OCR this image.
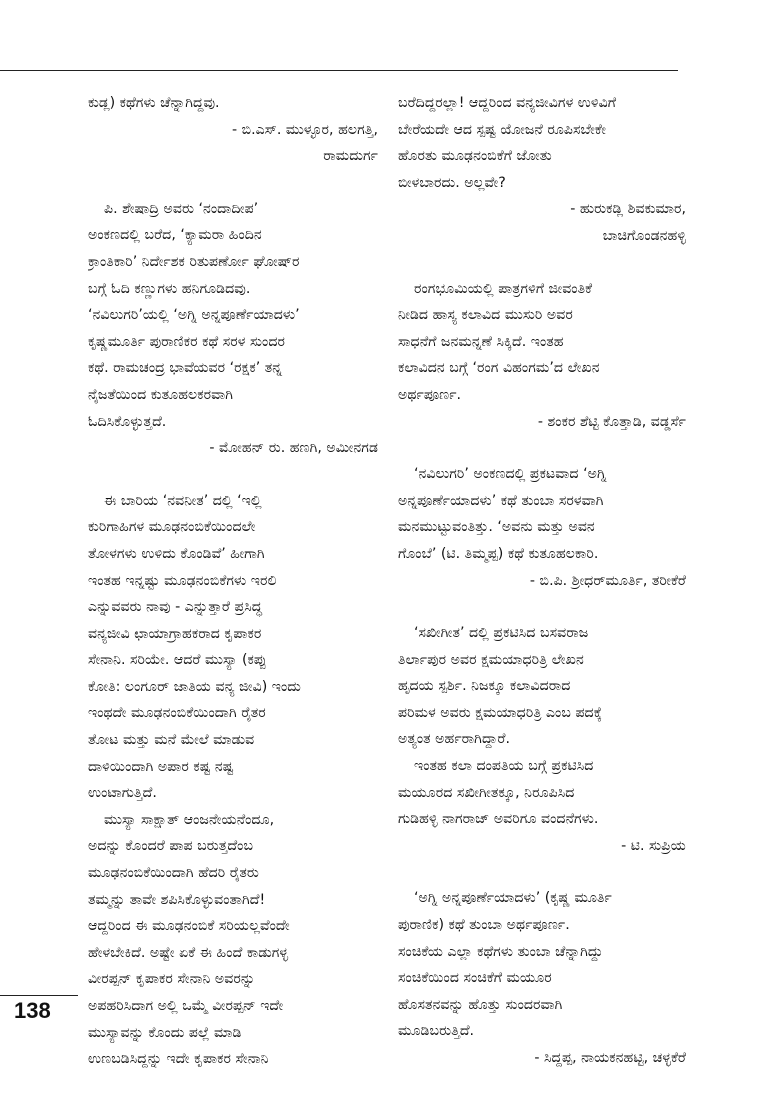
ಕುಡ್ಲ) ಕಥೆಗಳು ಚೆನ್ನಾಗಿದ್ದವು.
- ಬಿ.ಎಸ್. ಮುಳ್ಳೂರ, ಹಲಗತ್ತಿ,
ರಾಮದುರ್ಗ
ಪಿ. ಶೇಷಾದ್ರಿ ಅವರು ‘ನಂದಾದೀಪ’
ಅಂಕಣದಲ್ಲಿ ಬರೆದ, ‘ಕ್ಯಾಮರಾ ಹಿಂದಿನ
ಕ್ರಾಂತಿಕಾರಿ’ ನಿರ್ದೇಶಕ ರಿತುಪರ್ಣೋ ಘೋಷ್‌ರ
ಬಗ್ಗೆ ಓದಿ ಕಣ್ಣುಗಳು ಹನಿಗೂಡಿದವು.
‘ನವಿಲುಗರಿ’ಯಲ್ಲಿ ‘ಅಗ್ನಿ ಅನ್ನಪೂರ್ಣೆಯಾದಳು’
ಕೃಷ್ಣಮೂರ್ತಿ ಪುರಾಣಿಕರ ಕಥೆ ಸರಳ ಸುಂದರ
ಕಥೆ. ರಾಮಚಂದ್ರ ಭಾವೆಯವರ ‘ರಕ್ಷಕ’ ತನ್ನ
ನೈಜತೆಯಿಂದ ಕುತೂಹಲಕರವಾಗಿ
ಓದಿಸಿಕೊಳ್ಳುತ್ತದೆ.
- ಮೋಹನ್ ರು. ಹಣಗಿ, ಅಮೀನಗಡ
ಈ ಬಾರಿಯ ‘ನವನೀತ’ ದಲ್ಲಿ ‘ಇಲ್ಲಿ
ಕುರಿಗಾಹಿಗಳ ಮೂಢನಂಬಿಕೆಯಿಂದಲೇ
ತೋಳಗಳು ಉಳಿದು ಕೊಂಡಿವೆ’ ಹೀಗಾಗಿ
ಇಂತಹ ಇನ್ನಷ್ಟು ಮೂಢನಂಬಿಕೆಗಳು ಇರಲಿ
ಎನ್ನುವವರು ನಾವು - ಎನ್ನುತ್ತಾರೆ ಪ್ರಸಿದ್ಧ
ವನ್ಯಜೀವಿ ಛಾಯಾಗ್ರಾಹಕರಾದ ಕೃಪಾಕರ
ಸೇನಾನಿ. ಸರಿಯೇ. ಆದರೆ ಮುಸ್ಯಾ (ಕಪ್ಪು
ಕೋತಿ: ಲಂಗೂರ್ ಜಾತಿಯ ವನ್ಯ ಜೀವಿ) ಇಂದು
ಇಂಥದೇ ಮೂಢನಂಬಿಕೆಯಿಂದಾಗಿ ರೈತರ
ತೋಟ ಮತ್ತು ಮನೆ ಮೇಲೆ ಮಾಡುವ
ದಾಳಿಯಿಂದಾಗಿ ಅಪಾರ ಕಷ್ಟ ನಷ್ಟ
ಉಂಟಾಗುತ್ತಿದೆ.
ಮುಸ್ಯಾ ಸಾಕ್ಷಾತ್ ಆಂಜನೇಯನೆಂದೂ,
ಅದನ್ನು ಕೊಂದರೆ ಪಾಪ ಬರುತ್ತದೆಂಬ
ಮೂಢನಂಬಿಕೆಯಿಂದಾಗಿ ಹೆದರಿ ರೈತರು
ತಮ್ಮನ್ನು ತಾವೇ ಶಪಿಸಿಕೊಳ್ಳುವಂತಾಗಿದೆ!
ಆದ್ದರಿಂದ ಈ ಮೂಢನಂಬಿಕೆ ಸರಿಯಲ್ಲವೆಂದೇ
ಹೇಳಬೇಕಿದೆ. ಅಷ್ಟೇ ಏಕೆ ಈ ಹಿಂದೆ ಕಾಡುಗಳ್ಳ
ವೀರಪ್ಪನ್ ಕೃಪಾಕರ ಸೇನಾನಿ ಅವರನ್ನು
ಅಪಹರಿಸಿದಾಗ ಅಲ್ಲಿ ಒಮ್ಮೆ ವೀರಪ್ಪನ್ ಇದೇ
ಮುಸ್ಯಾವನ್ನು ಕೊಂದು ಪಲ್ಲೆ ಮಾಡಿ
ಉಣಬಡಿಸಿದ್ದನ್ನು ಇದೇ ಕೃಪಾಕರ ಸೇನಾನಿ
ಬರೆದಿದ್ದರಲ್ಲಾ! ಆದ್ದರಿಂದ ವನ್ಯಜೀವಿಗಳ ಉಳಿವಿಗೆ
ಬೇರೆಯದೇ ಆದ ಸ್ಪಷ್ಟ ಯೋಜನೆ ರೂಪಿಸಬೇಕೇ
ಹೊರತು ಮೂಢನಂಬಿಕೆಗೆ ಜೋತು
ಬೀಳಬಾರದು. ಅಲ್ಲವೇ?
- ಹುರುಕಡ್ಲಿ ಶಿವಕುಮಾರ,
ಬಾಚಿಗೊಂಡನಹಳ್ಳಿ
ರಂಗಭೂಮಿಯಲ್ಲಿ ಪಾತ್ರಗಳಿಗೆ ಜೀವಂತಿಕೆ
ನೀಡಿದ ಹಾಸ್ಯ ಕಲಾವಿದ ಮುಸುರಿ ಅವರ
ಸಾಧನೆಗೆ ಜನಮನ್ನಣೆ ಸಿಕ್ಕಿದೆ. ಇಂತಹ
ಕಲಾವಿದನ ಬಗ್ಗೆ ‘ರಂಗ ವಿಹಂಗಮ’ದ ಲೇಖನ
ಅರ್ಥಪೂರ್ಣ.
- ಶಂಕರ ಶೆಟ್ಟಿ ಕೊತ್ತಾಡಿ, ವಡ್ಡರ್ಸೆ
‘ನವಿಲುಗರಿ’ ಅಂಕಣದಲ್ಲಿ ಪ್ರಕಟವಾದ ‘ಅಗ್ನಿ
ಅನ್ನಪೂರ್ಣೆಯಾದಳು’ ಕಥೆ ತುಂಬಾ ಸರಳವಾಗಿ
ಮನಮುಟ್ಟುವಂತಿತ್ತು. ‘ಅವನು ಮತ್ತು ಅವನ
ಗೊಂಬೆ’ (ಟಿ. ತಿಮ್ಮಪ್ಪ) ಕಥೆ ಕುತೂಹಲಕಾರಿ.
- ಬಿ.ಪಿ. ಶ್ರೀಧರ್‌ಮೂರ್ತಿ, ತರೀಕೆರೆ
‘ಸಖೀಗೀತ’ ದಲ್ಲಿ ಪ್ರಕಟಿಸಿದ ಬಸವರಾಜ
ತಿರ್ಲಾಪುರ ಅವರ ಕ್ಷಮಯಾಧರಿತ್ರಿ ಲೇಖನ
ಹೃದಯ ಸ್ಪರ್ಶಿ. ನಿಜಕ್ಕೂ ಕಲಾವಿದರಾದ
ಪರಿಮಳ ಅವರು ಕ್ಷಮಯಾಧರಿತ್ರಿ ಎಂಬ ಪದಕ್ಕೆ
ಅತ್ಯಂತ ಅರ್ಹರಾಗಿದ್ದಾರೆ.
ಇಂತಹ ಕಲಾ ದಂಪತಿಯ ಬಗ್ಗೆ ಪ್ರಕಟಿಸಿದ
ಮಯೂರದ ಸಖೀಗೀತಕ್ಕೂ, ನಿರೂಪಿಸಿದ
ಗುಡಿಹಳ್ಳಿ ನಾಗರಾಜ್ ಅವರಿಗೂ ವಂದನೆಗಳು.
- ಟಿ. ಸುಪ್ರಿಯ
‘ಅಗ್ನಿ ಅನ್ನಪೂರ್ಣೆಯಾದಳು’ (ಕೃಷ್ಣ ಮೂರ್ತಿ
ಪುರಾಣಿಕ) ಕಥೆ ತುಂಬಾ ಅರ್ಥಪೂರ್ಣ.
ಸಂಚಿಕೆಯ ಎಲ್ಲಾ ಕಥೆಗಳು ತುಂಬಾ ಚೆನ್ನಾಗಿದ್ದು
ಸಂಚಿಕೆಯಿಂದ ಸಂಚಿಕೆಗೆ ಮಯೂರ
ಹೊಸತನವನ್ನು ಹೊತ್ತು ಸುಂದರವಾಗಿ
ಮೂಡಿಬರುತ್ತಿದೆ.
- ಸಿದ್ದಪ್ಪ, ನಾಯಕನಹಟ್ಟಿ, ಚಳ್ಳಕೆರೆ
138
